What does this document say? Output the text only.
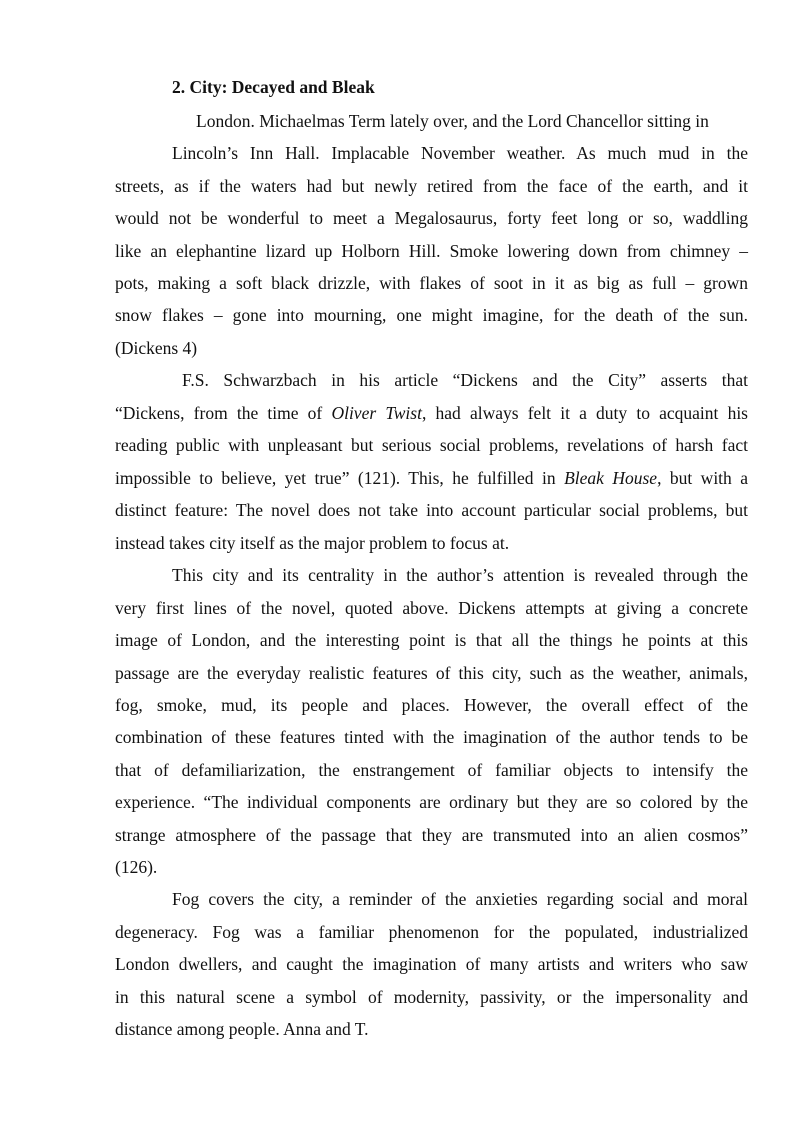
2. City: Decayed and Bleak
London. Michaelmas Term lately over, and the Lord Chancellor sitting in
Lincoln’s Inn Hall. Implacable November weather. As much mud in the
streets, as if the waters had but newly retired from the face of the earth, and it
would not be wonderful to meet a Megalosaurus, forty feet long or so, waddling
like an elephantine lizard up Holborn Hill. Smoke lowering down from chimney –
pots, making a soft black drizzle, with flakes of soot in it as big as full – grown
snow flakes – gone into mourning, one might imagine, for the death of the sun.
(Dickens 4)
F.S. Schwarzbach in his article “Dickens and the City” asserts that
“Dickens, from the time of Oliver Twist, had always felt it a duty to acquaint his
reading public with unpleasant but serious social problems, revelations of harsh fact
impossible to believe, yet true” (121). This, he fulfilled in Bleak House, but with a
distinct feature: The novel does not take into account particular social problems, but
instead takes city itself as the major problem to focus at.
This city and its centrality in the author’s attention is revealed through the
very first lines of the novel, quoted above. Dickens attempts at giving a concrete
image of London, and the interesting point is that all the things he points at this
passage are the everyday realistic features of this city, such as the weather, animals,
fog, smoke, mud, its people and places. However, the overall effect of the
combination of these features tinted with the imagination of the author tends to be
that of defamiliarization, the enstrangement of familiar objects to intensify the
experience. “The individual components are ordinary but they are so colored by the
strange atmosphere of the passage that they are transmuted into an alien cosmos”
(126).
Fog covers the city, a reminder of the anxieties regarding social and moral
degeneracy. Fog was a familiar phenomenon for the populated, industrialized
London dwellers, and caught the imagination of many artists and writers who saw
in this natural scene a symbol of modernity, passivity, or the impersonality and
distance among people. Anna and T.
